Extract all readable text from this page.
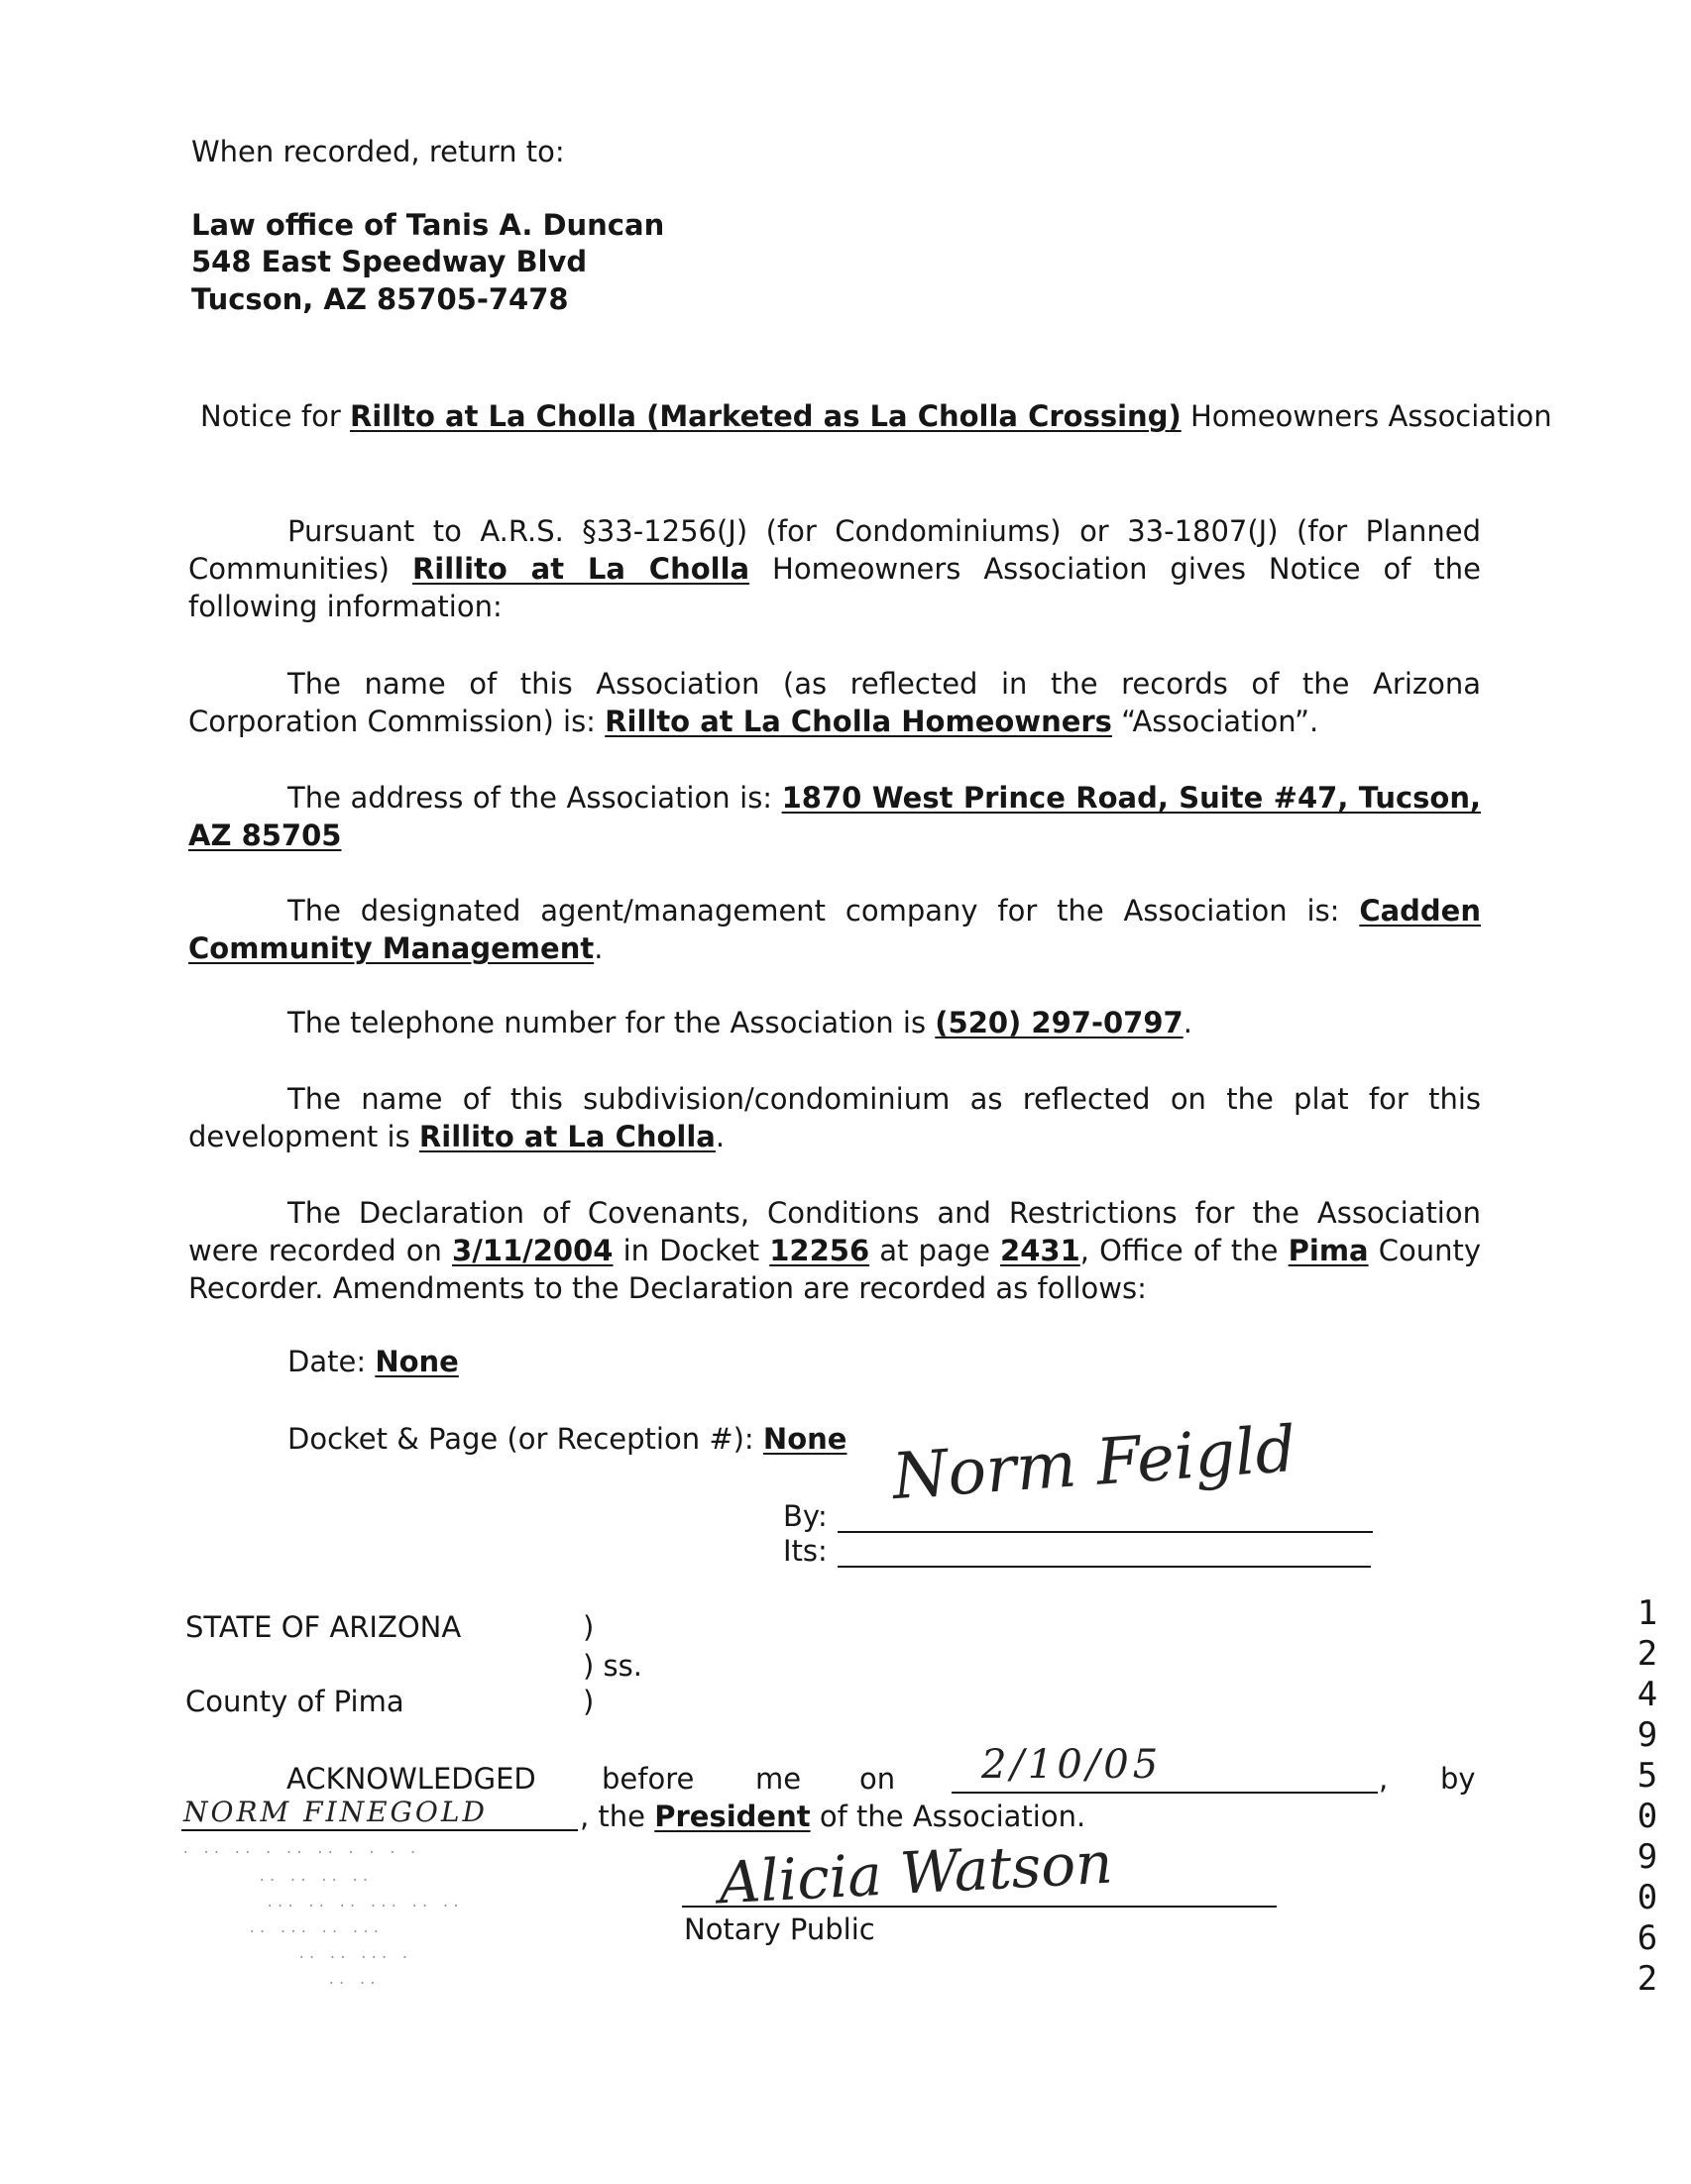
When recorded, return to:
Law office of Tanis A. Duncan
548 East Speedway Blvd
Tucson, AZ 85705-7478
Notice for Rillto at La Cholla (Marketed as La Cholla Crossing) Homeowners Association
Pursuant to A.R.S. §33-1256(J) (for Condominiums) or 33-1807(J) (for Planned Communities) Rillito at La Cholla Homeowners Association gives Notice of the following information:
The name of this Association (as reflected in the records of the Arizona Corporation Commission) is: Rillto at La Cholla Homeowners “Association”.
The address of the Association is: 1870 West Prince Road, Suite #47, Tucson, AZ 85705
The designated agent/management company for the Association is: Cadden Community Management.
The telephone number for the Association is (520) 297-0797.
The name of this subdivision/condominium as reflected on the plat for this development is Rillito at La Cholla.
The Declaration of Covenants, Conditions and Restrictions for the Association were recorded on 3/11/2004 in Docket 12256 at page 2431, Office of the Pima County Recorder. Amendments to the Declaration are recorded as follows:
Date: None
Docket & Page (or Reception #): None
By:
Norm Feigld
Its:
STATE OF ARIZONA	)
) ss.
County of Pima	)
ACKNOWLEDGED before me on 2/10/05	, by
NORM FINEGOLD	, the President of the Association.
Alicia Watson
Notary Public
· ·· ·· · ·· ·· · · · ·
·· ·· ·· ··
··· ·· ·· ··· ·· ··
·· ··· ·· ···
·· ·· ··· ·
·· ··
12495 09062
